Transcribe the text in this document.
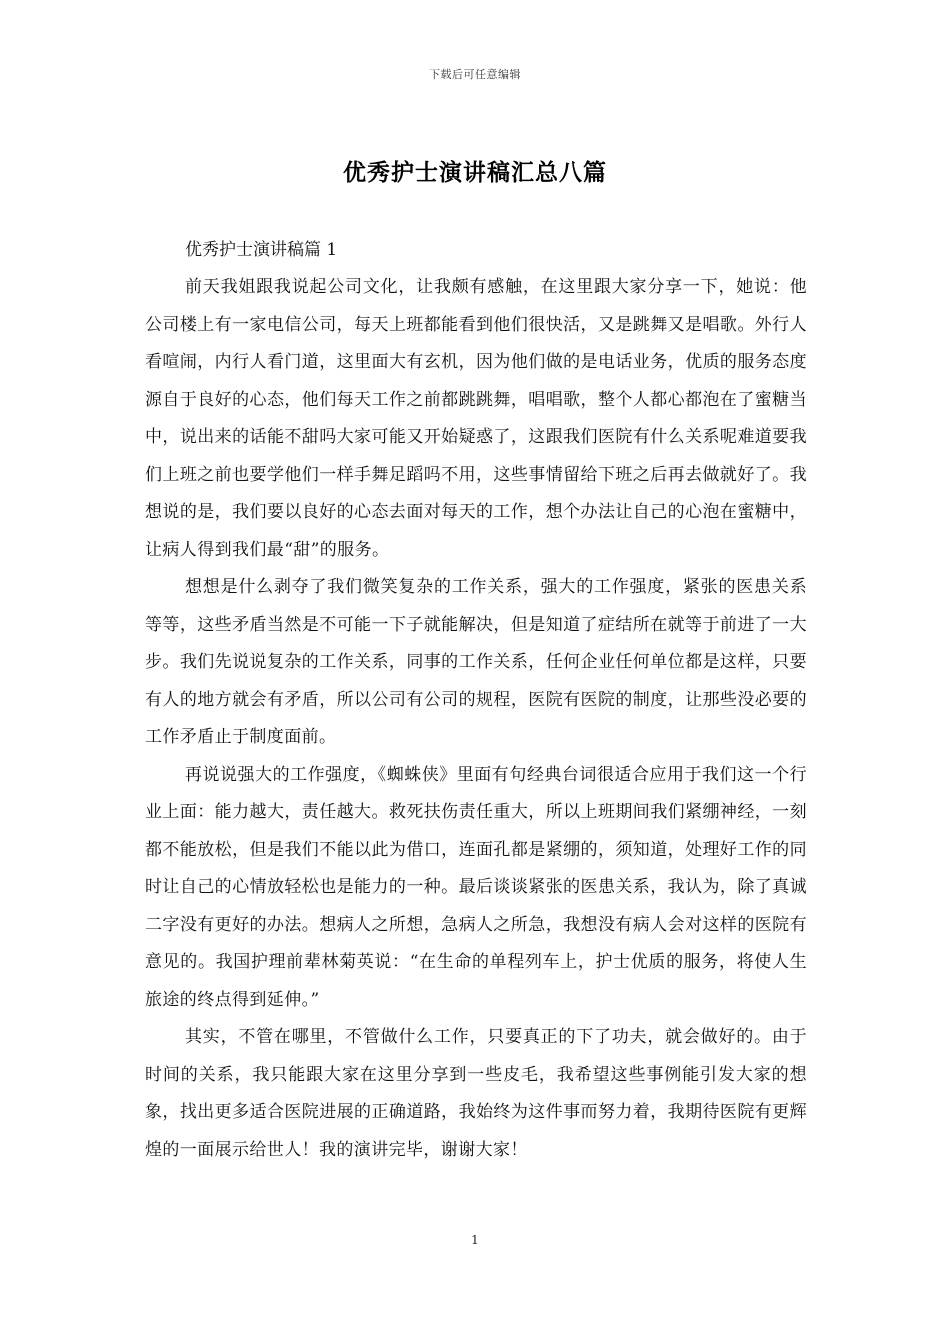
下载后可任意编辑
优秀护士演讲稿汇总八篇

优秀护士演讲稿篇 1

前天我姐跟我说起公司文化，让我颇有感触，在这里跟大家分享一下，她说：他公司楼上有一家电信公司，每天上班都能看到他们很快活，又是跳舞又是唱歌。外行人看喧闹，内行人看门道，这里面大有玄机，因为他们做的是电话业务，优质的服务态度源自于良好的心态，他们每天工作之前都跳跳舞，唱唱歌，整个人都心都泡在了蜜糖当中，说出来的话能不甜吗大家可能又开始疑惑了，这跟我们医院有什么关系呢难道要我们上班之前也要学他们一样手舞足蹈吗不用，这些事情留给下班之后再去做就好了。我想说的是，我们要以良好的心态去面对每天的工作，想个办法让自己的心泡在蜜糖中，让病人得到我们最“甜”的服务。

想想是什么剥夺了我们微笑复杂的工作关系，强大的工作强度，紧张的医患关系等等，这些矛盾当然是不可能一下子就能解决，但是知道了症结所在就等于前进了一大步。我们先说说复杂的工作关系，同事的工作关系，任何企业任何单位都是这样，只要有人的地方就会有矛盾，所以公司有公司的规程，医院有医院的制度，让那些没必要的工作矛盾止于制度面前。

再说说强大的工作强度，《蜘蛛侠》里面有句经典台词很适合应用于我们这一个行业上面：能力越大，责任越大。救死扶伤责任重大，所以上班期间我们紧绷神经，一刻都不能放松，但是我们不能以此为借口，连面孔都是紧绷的，须知道，处理好工作的同时让自己的心情放轻松也是能力的一种。最后谈谈紧张的医患关系，我认为，除了真诚二字没有更好的办法。想病人之所想，急病人之所急，我想没有病人会对这样的医院有意见的。我国护理前辈林菊英说：“在生命的单程列车上，护士优质的服务，将使人生旅途的终点得到延伸。”

其实，不管在哪里，不管做什么工作，只要真正的下了功夫，就会做好的。由于时间的关系，我只能跟大家在这里分享到一些皮毛，我希望这些事例能引发大家的想象，找出更多适合医院进展的正确道路，我始终为这件事而努力着，我期待医院有更辉煌的一面展示给世人！我的演讲完毕，谢谢大家！

1
